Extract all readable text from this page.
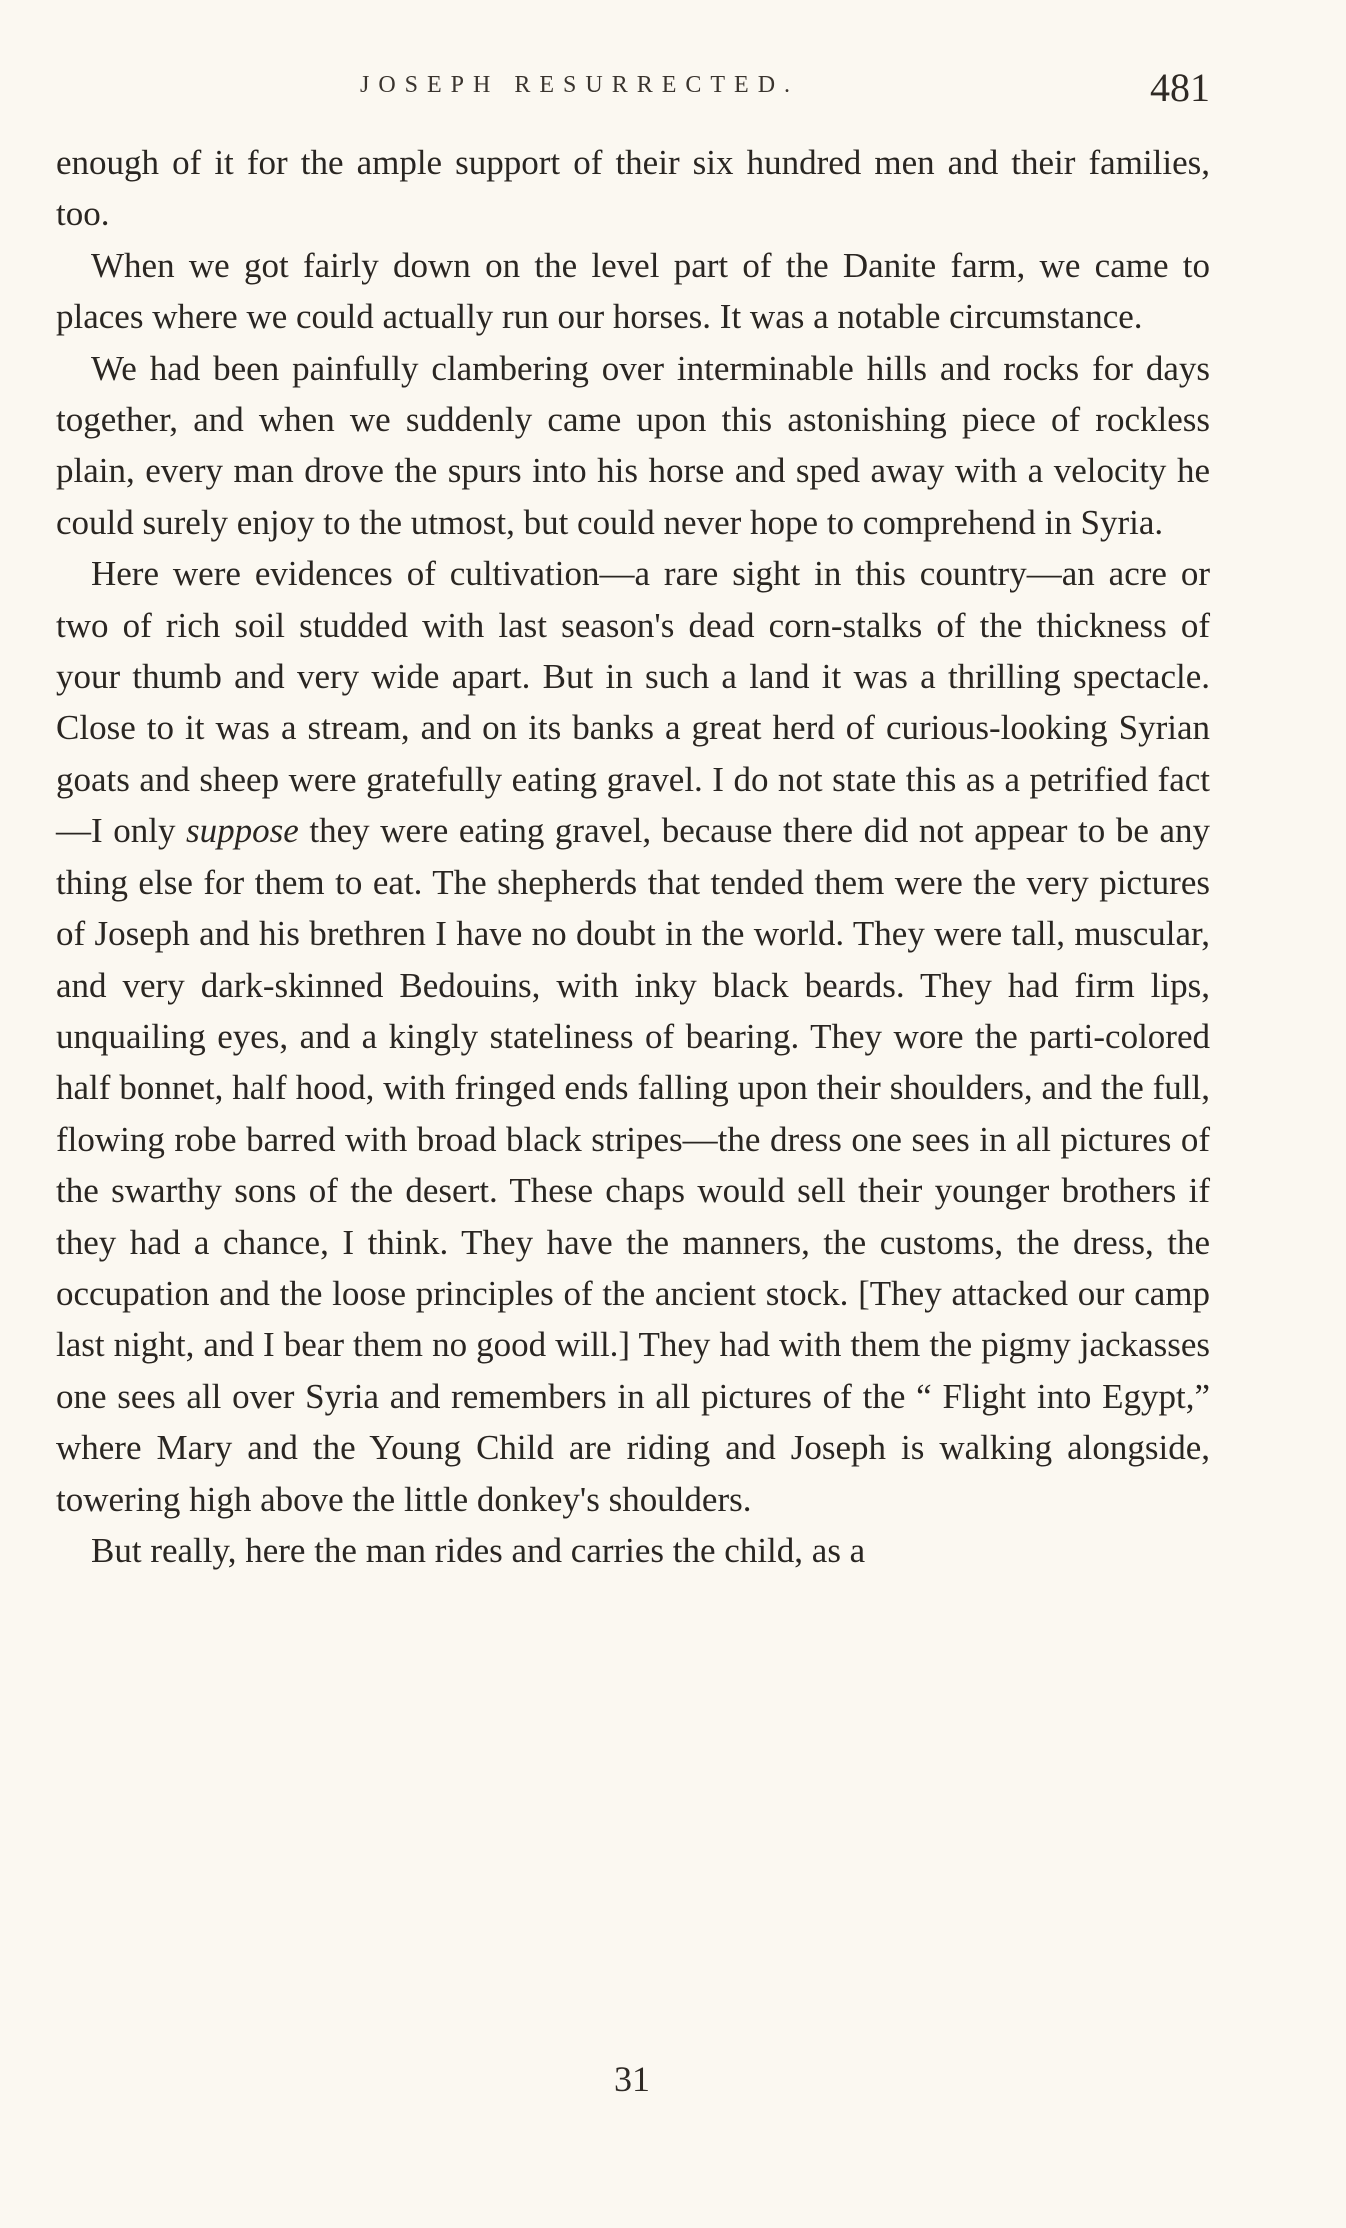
JOSEPH RESURRECTED.	481

enough of it for the ample support of their six hundred men and their families, too.

When we got fairly down on the level part of the Danite farm, we came to places where we could actually run our horses. It was a notable circumstance.

We had been painfully clambering over interminable hills and rocks for days together, and when we suddenly came upon this astonishing piece of rockless plain, every man drove the spurs into his horse and sped away with a velocity he could surely enjoy to the utmost, but could never hope to comprehend in Syria.

Here were evidences of cultivation—a rare sight in this country—an acre or two of rich soil studded with last season's dead corn-stalks of the thickness of your thumb and very wide apart. But in such a land it was a thrilling spectacle. Close to it was a stream, and on its banks a great herd of curious-looking Syrian goats and sheep were gratefully eating gravel. I do not state this as a petrified fact—I only suppose they were eating gravel, because there did not appear to be any thing else for them to eat. The shepherds that tended them were the very pictures of Joseph and his brethren I have no doubt in the world. They were tall, muscular, and very dark-skinned Bedouins, with inky black beards. They had firm lips, unquailing eyes, and a kingly stateliness of bearing. They wore the parti-colored half bonnet, half hood, with fringed ends falling upon their shoulders, and the full, flowing robe barred with broad black stripes—the dress one sees in all pictures of the swarthy sons of the desert. These chaps would sell their younger brothers if they had a chance, I think. They have the manners, the customs, the dress, the occupation and the loose principles of the ancient stock. [They attacked our camp last night, and I bear them no good will.] They had with them the pigmy jackasses one sees all over Syria and remembers in all pictures of the “ Flight into Egypt,” where Mary and the Young Child are riding and Joseph is walking alongside, towering high above the little donkey's shoulders.

But really, here the man rides and carries the child, as a

31
